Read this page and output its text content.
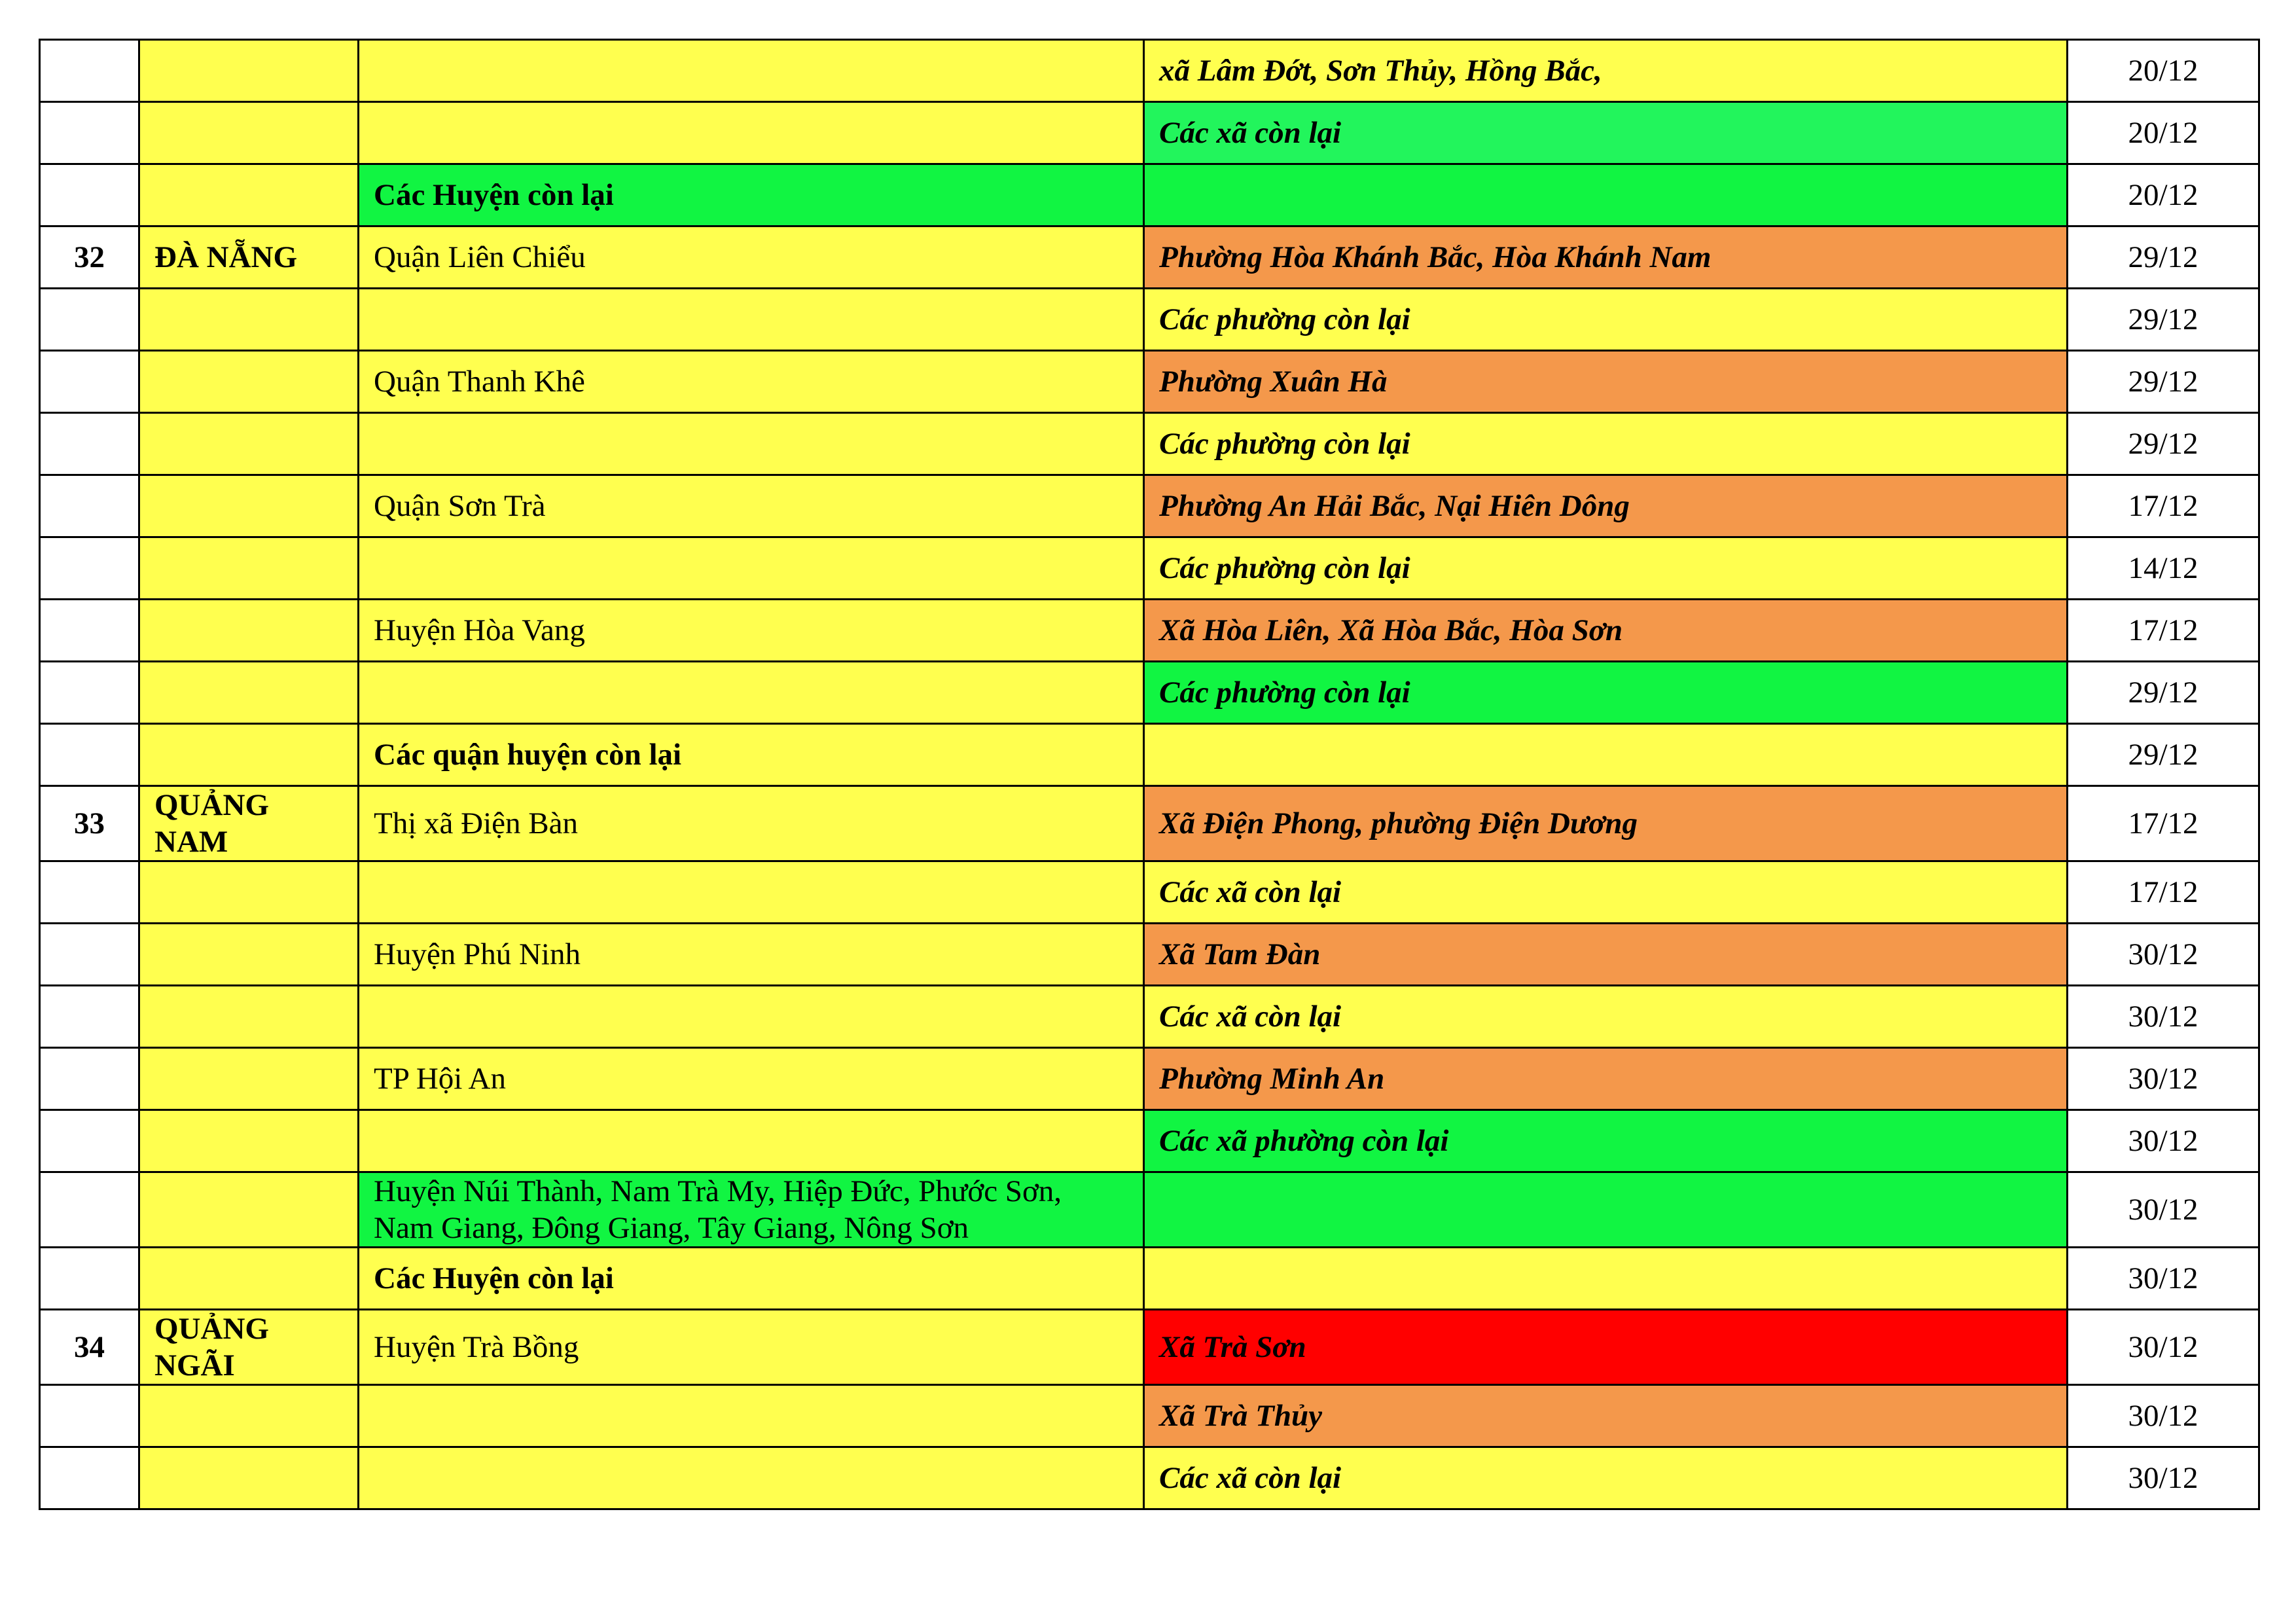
			xã Lâm Đớt, Sơn Thủy, Hồng Bắc,	20/12
			Các xã còn lại	20/12
		Các Huyện còn lại		20/12
32	ĐÀ NẴNG	Quận Liên Chiểu	Phường Hòa Khánh Bắc, Hòa Khánh Nam	29/12
			Các phường còn lại	29/12
		Quận Thanh Khê	Phường Xuân Hà	29/12
			Các phường còn lại	29/12
		Quận Sơn Trà	Phường An Hải Bắc, Nại Hiên Dông	17/12
			Các phường còn lại	14/12
		Huyện Hòa Vang	Xã Hòa Liên, Xã Hòa Bắc, Hòa Sơn	17/12
			Các phường còn lại	29/12
		Các quận huyện còn lại		29/12
33	QUẢNG NAM	Thị xã Điện Bàn	Xã Điện Phong, phường Điện Dương	17/12
			Các xã còn lại	17/12
		Huyện Phú Ninh	Xã Tam Đàn	30/12
			Các xã còn lại	30/12
		TP Hội An	Phường Minh An	30/12
			Các xã phường còn lại	30/12
		Huyện Núi Thành, Nam Trà My, Hiệp Đức, Phước Sơn, Nam Giang, Đông Giang, Tây Giang, Nông Sơn		30/12
		Các Huyện còn lại		30/12
34	QUẢNG NGÃI	Huyện Trà Bồng	Xã Trà Sơn	30/12
			Xã Trà Thủy	30/12
			Các xã còn lại	30/12
